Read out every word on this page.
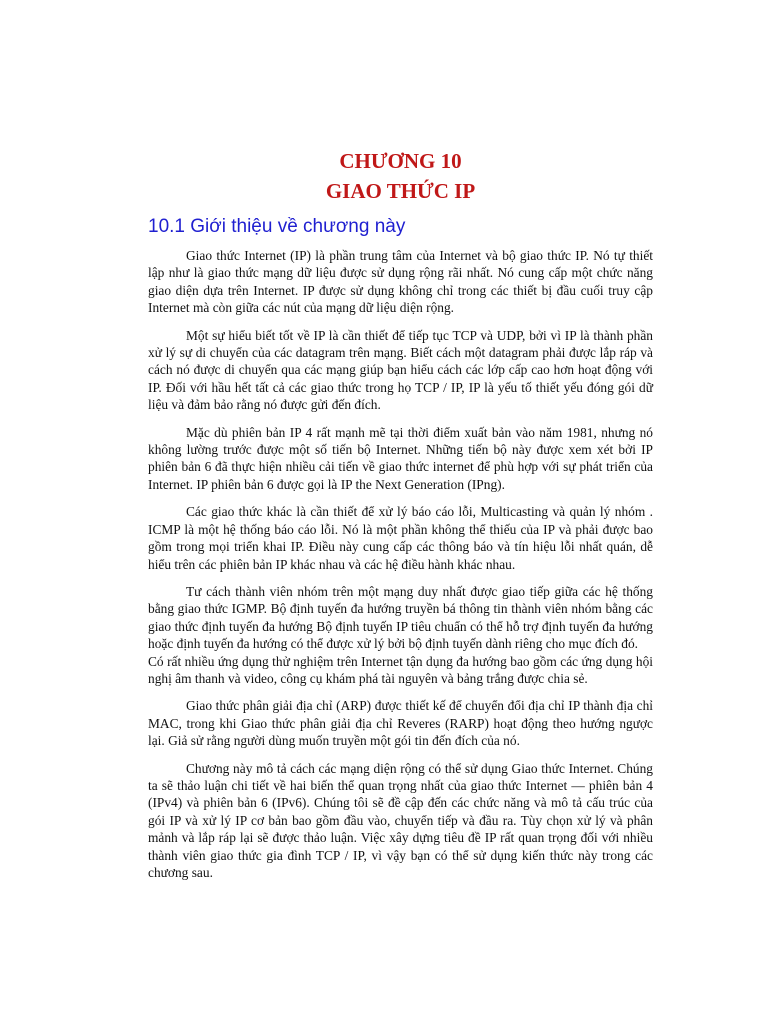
CHƯƠNG 10
GIAO THỨC IP
10.1 Giới thiệu về chương này

Giao thức Internet (IP) là phần trung tâm của Internet và bộ giao thức IP. Nó tự thiết lập như là giao thức mạng dữ liệu được sử dụng rộng rãi nhất. Nó cung cấp một chức năng giao diện dựa trên Internet. IP được sử dụng không chỉ trong các thiết bị đầu cuối truy cập Internet mà còn giữa các nút của mạng dữ liệu diện rộng.

Một sự hiểu biết tốt về IP là cần thiết để tiếp tục TCP và UDP, bởi vì IP là thành phần xử lý sự di chuyển của các datagram trên mạng. Biết cách một datagram phải được lắp ráp và cách nó được di chuyển qua các mạng giúp bạn hiểu cách các lớp cấp cao hơn hoạt động với IP. Đối với hầu hết tất cả các giao thức trong họ TCP / IP, IP là yếu tố thiết yếu đóng gói dữ liệu và đảm bảo rằng nó được gửi đến đích.

Mặc dù phiên bản IP 4 rất mạnh mẽ tại thời điểm xuất bản vào năm 1981, nhưng nó không lường trước được một số tiến bộ Internet. Những tiến bộ này được xem xét bởi IP phiên bản 6 đã thực hiện nhiều cải tiến về giao thức internet để phù hợp với sự phát triển của Internet. IP phiên bản 6 được gọi là IP the Next Generation (IPng).

Các giao thức khác là cần thiết để xử lý báo cáo lỗi, Multicasting và quản lý nhóm . ICMP là một hệ thống báo cáo lỗi. Nó là một phần không thể thiếu của IP và phải được bao gồm trong mọi triển khai IP. Điều này cung cấp các thông báo và tín hiệu lỗi nhất quán, dễ hiểu trên các phiên bản IP khác nhau và các hệ điều hành khác nhau.

Tư cách thành viên nhóm trên một mạng duy nhất được giao tiếp giữa các hệ thống bằng giao thức IGMP. Bộ định tuyến đa hướng truyền bá thông tin thành viên nhóm bằng các giao thức định tuyến đa hướng Bộ định tuyến IP tiêu chuẩn có thể hỗ trợ định tuyến đa hướng hoặc định tuyến đa hướng có thể được xử lý bởi bộ định tuyến dành riêng cho mục đích đó.

Có rất nhiều ứng dụng thử nghiệm trên Internet tận dụng đa hướng bao gồm các ứng dụng hội nghị âm thanh và video, công cụ khám phá tài nguyên và bảng trắng được chia sẻ.

Giao thức phân giải địa chỉ (ARP) được thiết kế để chuyển đổi địa chỉ IP thành địa chỉ MAC, trong khi Giao thức phân giải địa chỉ Reveres (RARP) hoạt động theo hướng ngược lại. Giả sử rằng người dùng muốn truyền một gói tin đến đích của nó.

Chương này mô tả cách các mạng diện rộng có thể sử dụng Giao thức Internet. Chúng ta sẽ thảo luận chi tiết về hai biến thể quan trọng nhất của giao thức Internet — phiên bản 4 (IPv4) và phiên bản 6 (IPv6). Chúng tôi sẽ đề cập đến các chức năng và mô tả cấu trúc của gói IP và xử lý IP cơ bản bao gồm đầu vào, chuyển tiếp và đầu ra. Tùy chọn xử lý và phân mảnh và lắp ráp lại sẽ được thảo luận. Việc xây dựng tiêu đề IP rất quan trọng đối với nhiều thành viên giao thức gia đình TCP / IP, vì vậy bạn có thể sử dụng kiến thức này trong các chương sau.
